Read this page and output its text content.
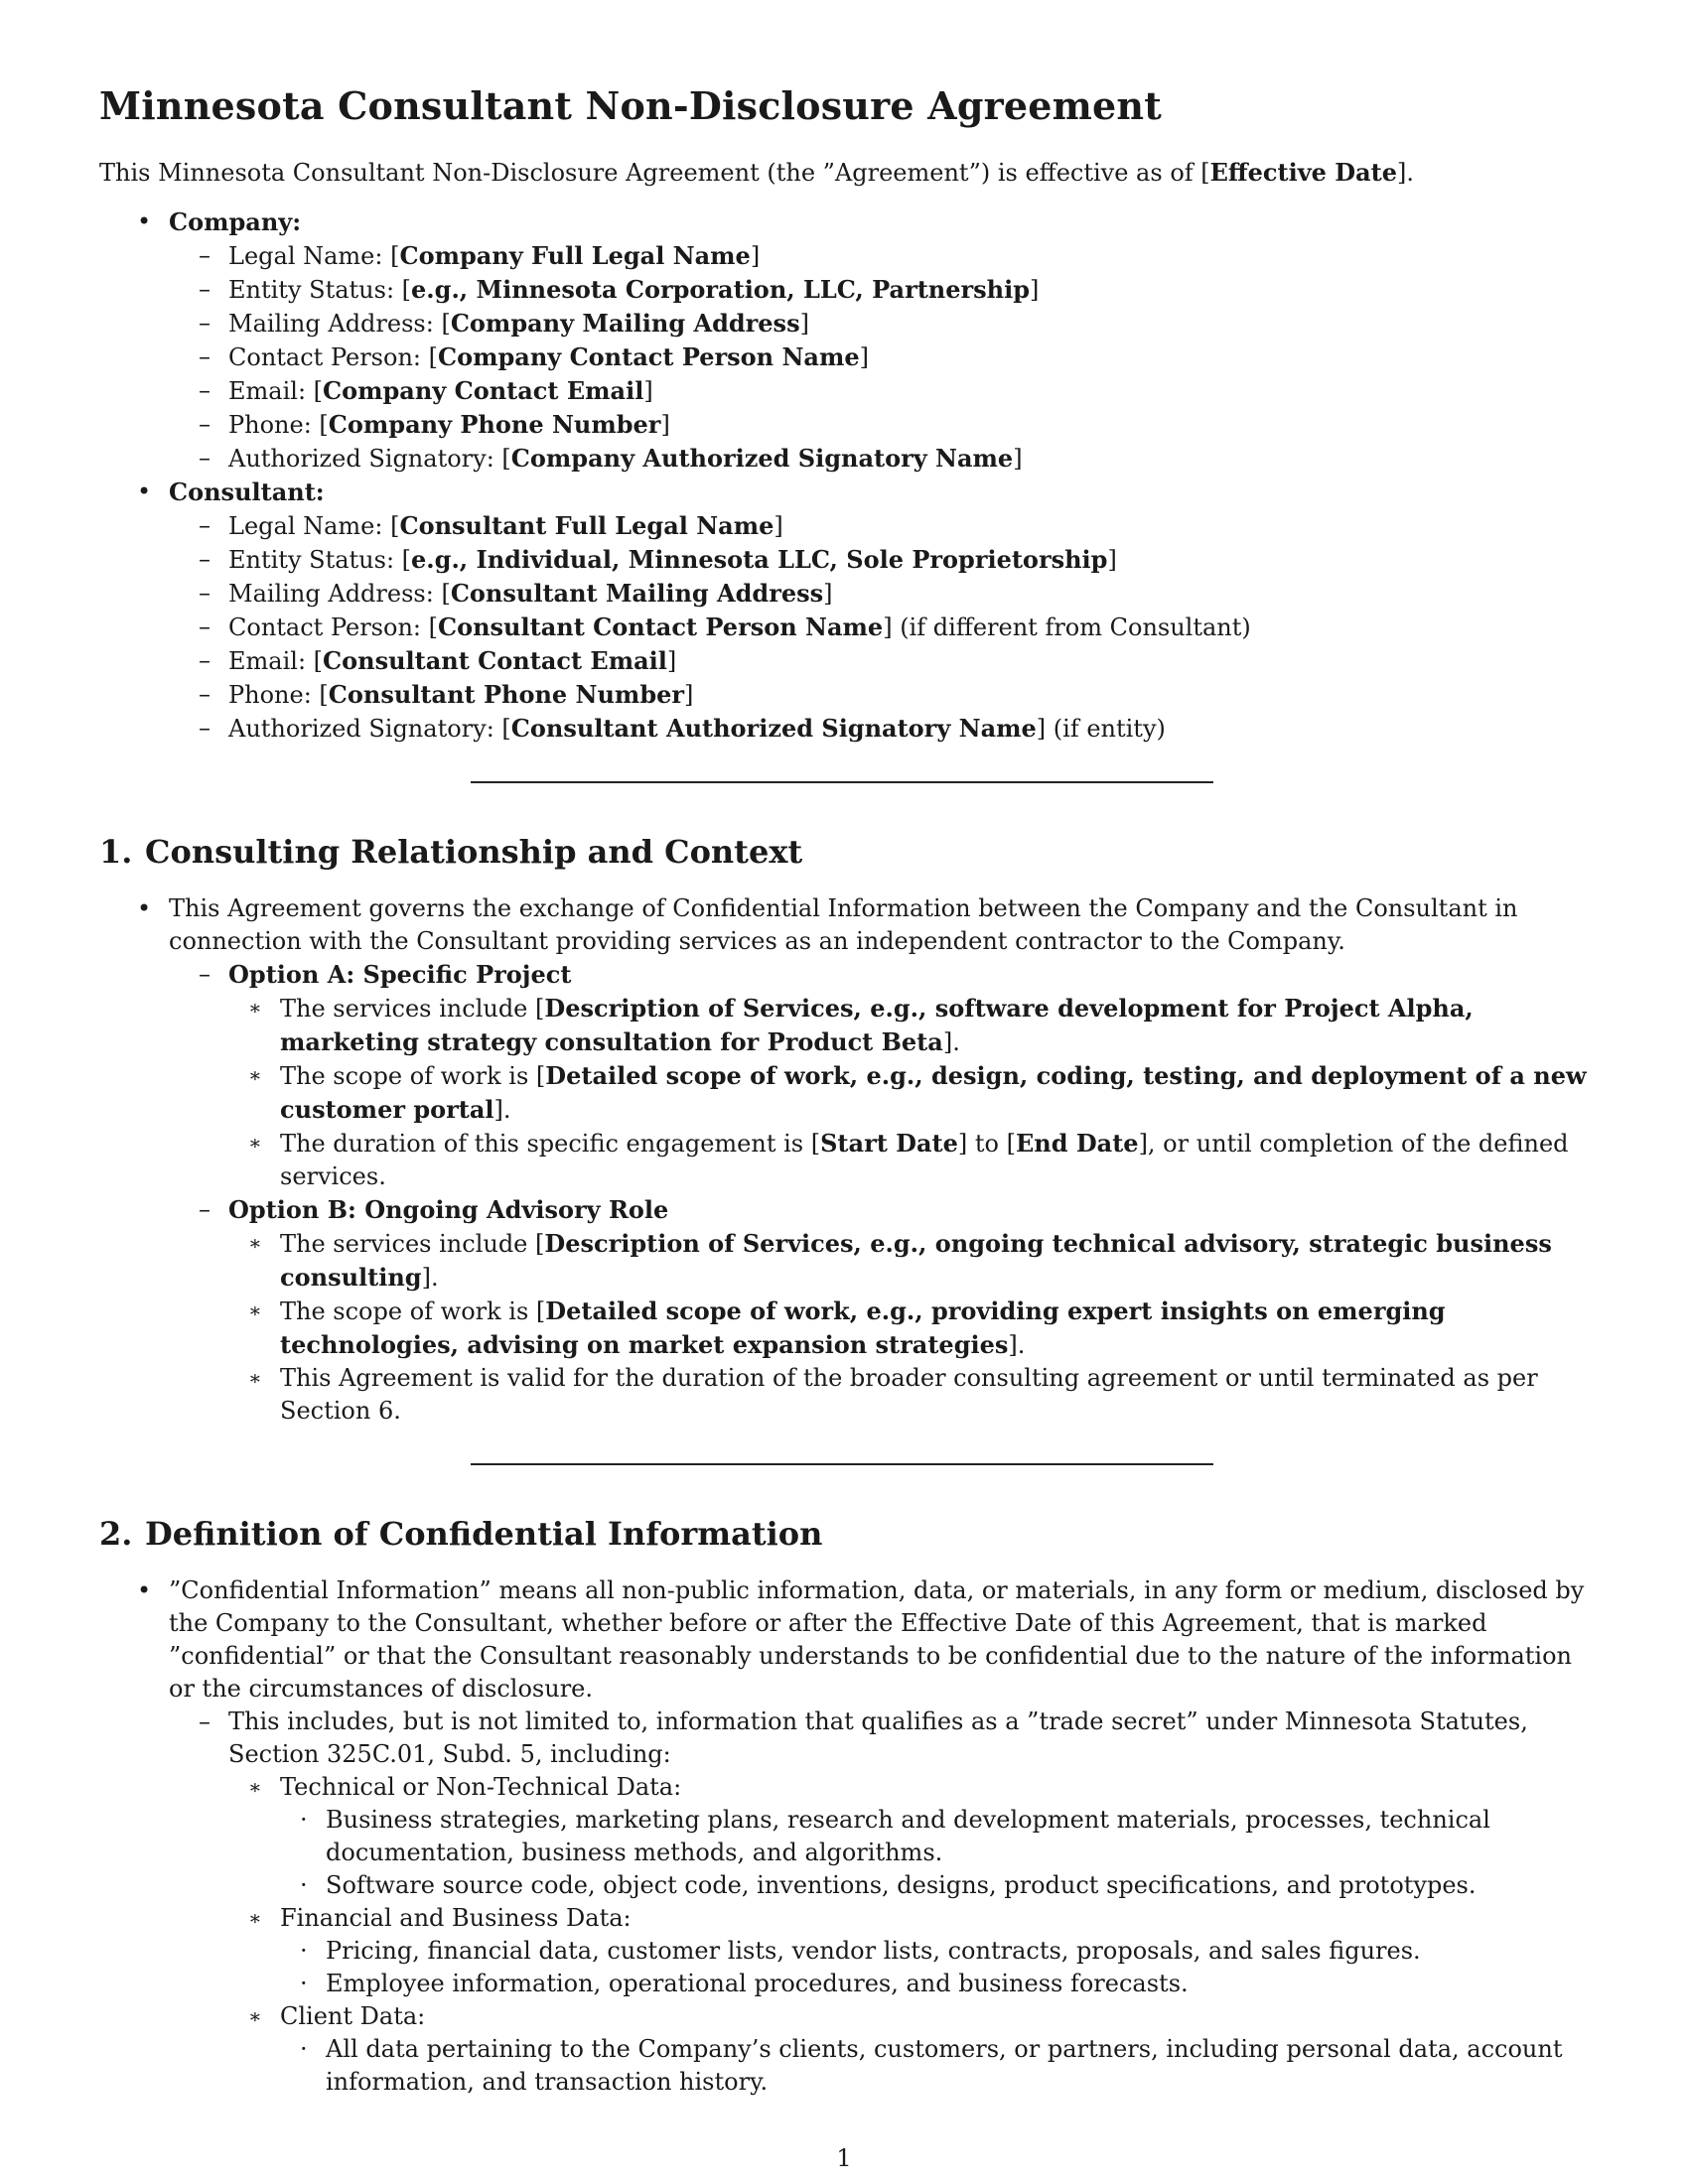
Minnesota Consultant Non-Disclosure Agreement

This Minnesota Consultant Non-Disclosure Agreement (the ”Agreement”) is effective as of [Effective Date].

• Company:
– Legal Name: [Company Full Legal Name]
– Entity Status: [e.g., Minnesota Corporation, LLC, Partnership]
– Mailing Address: [Company Mailing Address]
– Contact Person: [Company Contact Person Name]
– Email: [Company Contact Email]
– Phone: [Company Phone Number]
– Authorized Signatory: [Company Authorized Signatory Name]
• Consultant:
– Legal Name: [Consultant Full Legal Name]
– Entity Status: [e.g., Individual, Minnesota LLC, Sole Proprietorship]
– Mailing Address: [Consultant Mailing Address]
– Contact Person: [Consultant Contact Person Name] (if different from Consultant)
– Email: [Consultant Contact Email]
– Phone: [Consultant Phone Number]
– Authorized Signatory: [Consultant Authorized Signatory Name] (if entity)
1. Consulting Relationship and Context
• This Agreement governs the exchange of Confidential Information between the Company and the Consultant in connection with the Consultant providing services as an independent contractor to the Company.
– Option A: Specific Project
∗ The services include [Description of Services, e.g., software development for Project Alpha, marketing strategy consultation for Product Beta].
∗ The scope of work is [Detailed scope of work, e.g., design, coding, testing, and deployment of a new customer portal].
∗ The duration of this specific engagement is [Start Date] to [End Date], or until completion of the defined services.
– Option B: Ongoing Advisory Role
∗ The services include [Description of Services, e.g., ongoing technical advisory, strategic business consulting].
∗ The scope of work is [Detailed scope of work, e.g., providing expert insights on emerging technologies, advising on market expansion strategies].
∗ This Agreement is valid for the duration of the broader consulting agreement or until terminated as per Section 6.
2. Definition of Confidential Information
• ”Confidential Information” means all non-public information, data, or materials, in any form or medium, disclosed by the Company to the Consultant, whether before or after the Effective Date of this Agreement, that is marked ”confidential” or that the Consultant reasonably understands to be confidential due to the nature of the information or the circumstances of disclosure.
– This includes, but is not limited to, information that qualifies as a ”trade secret” under Minnesota Statutes, Section 325C.01, Subd. 5, including:
∗ Technical or Non-Technical Data:
· Business strategies, marketing plans, research and development materials, processes, technical documentation, business methods, and algorithms.
· Software source code, object code, inventions, designs, product specifications, and prototypes.
∗ Financial and Business Data:
· Pricing, financial data, customer lists, vendor lists, contracts, proposals, and sales figures.
· Employee information, operational procedures, and business forecasts.
∗ Client Data:
· All data pertaining to the Company’s clients, customers, or partners, including personal data, account information, and transaction history.
1
